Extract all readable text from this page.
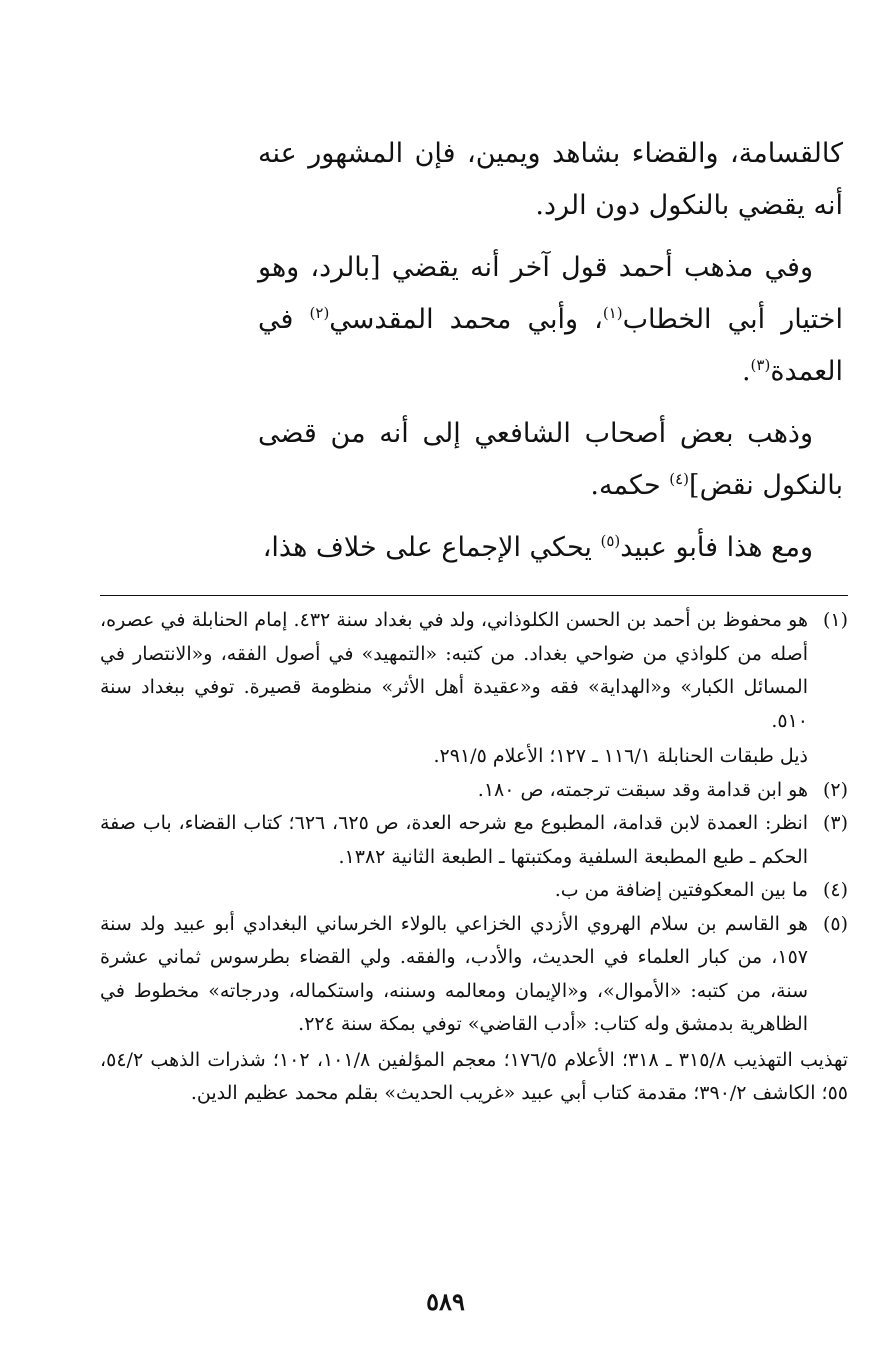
كالقسامة، والقضاء بشاهد ويمين، فإن المشهور عنه أنه يقضي بالنكول دون الرد.

وفي مذهب أحمد قول آخر أنه يقضي [بالرد، وهو اختيار أبي الخطاب$^{(١)}$، وأبي محمد المقدسي$^{(٢)}$ في العمدة$^{(٣)}$.

وذهب بعض أصحاب الشافعي إلى أنه من قضى بالنكول نقض]$^{(٤)}$ حكمه.

ومع هذا فأبو عبيد$^{(٥)}$ يحكي الإجماع على خلاف هذا،

(١)

هو محفوظ بن أحمد بن الحسن الكلوذاني، ولد في بغداد سنة ٤٣٢. إمام الحنابلة في عصره، أصله من كلواذي من ضواحي بغداد. من كتبه: «التمهيد» في أصول الفقه، و«الانتصار في المسائل الكبار» و«الهداية» فقه و«عقيدة أهل الأثر» منظومة قصيرة. توفي ببغداد سنة ٥١٠.

ذيل طبقات الحنابلة ١١٦/١ ـ ١٢٧؛ الأعلام ٢٩١/٥.

(٢)

هو ابن قدامة وقد سبقت ترجمته، ص ١٨٠.

(٣)

انظر: العمدة لابن قدامة، المطبوع مع شرحه العدة، ص ٦٢٥، ٦٢٦؛ كتاب القضاء، باب صفة الحكم ـ طبع المطبعة السلفية ومكتبتها ـ الطبعة الثانية ١٣٨٢.

(٤)

ما بين المعكوفتين إضافة من ب.

(٥)

هو القاسم بن سلام الهروي الأزدي الخزاعي بالولاء الخرساني البغدادي أبو عبيد ولد سنة ١٥٧، من كبار العلماء في الحديث، والأدب، والفقه. ولي القضاء بطرسوس ثماني عشرة سنة، من كتبه: «الأموال»، و«الإيمان ومعالمه وسننه، واستكماله، ودرجاته» مخطوط في الظاهرية بدمشق وله كتاب: «أدب القاضي» توفي بمكة سنة ٢٢٤.

تهذيب التهذيب ٣١٥/٨ ـ ٣١٨؛ الأعلام ١٧٦/٥؛ معجم المؤلفين ١٠١/٨، ١٠٢؛ شذرات الذهب ٥٤/٢، ٥٥؛ الكاشف ٣٩٠/٢؛ مقدمة كتاب أبي عبيد «غريب الحديث» بقلم محمد عظيم الدين.

٥٨٩
